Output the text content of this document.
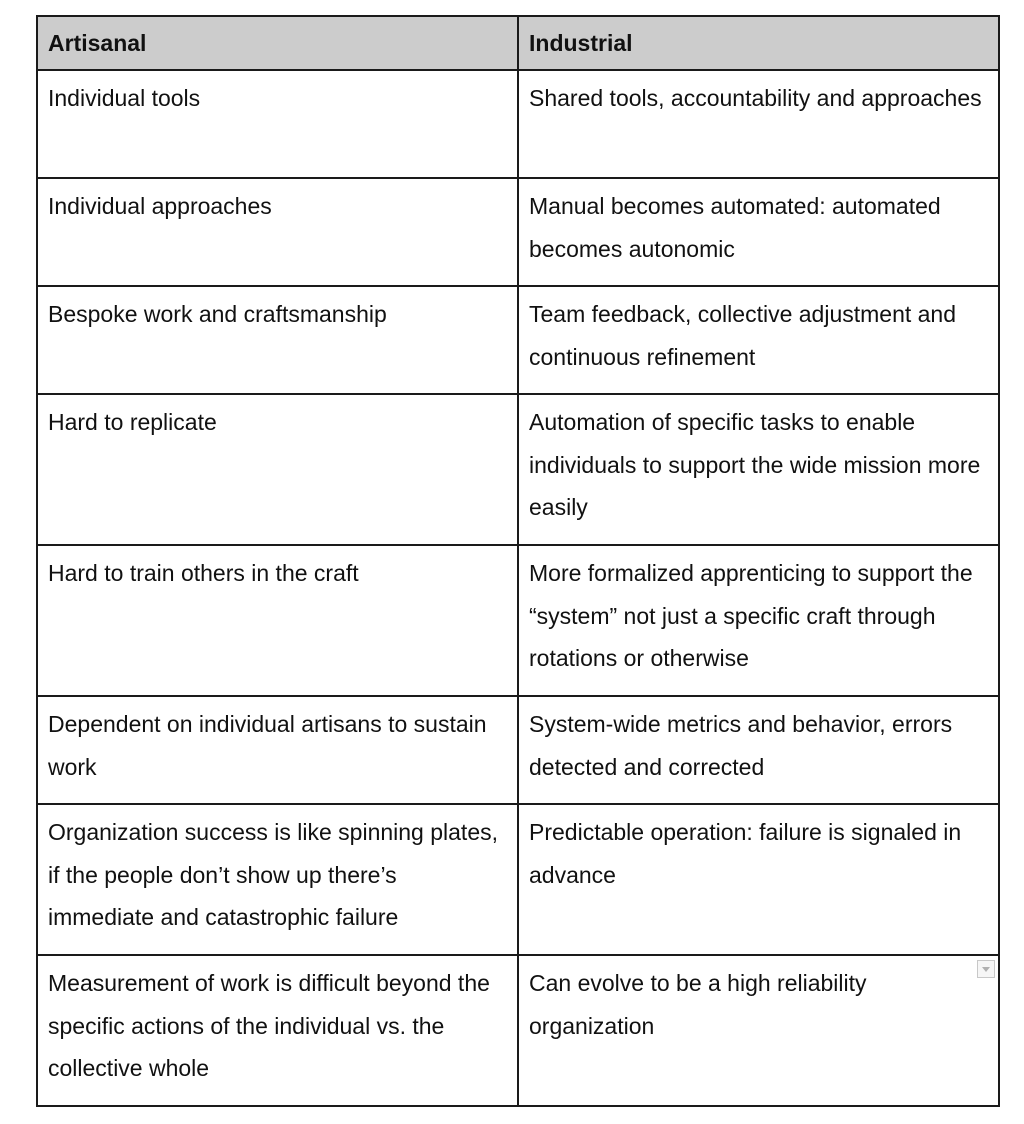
Artisanal	Industrial
Individual tools	Shared tools, accountability and approaches
Individual approaches	Manual becomes automated: automated becomes autonomic
Bespoke work and craftsmanship	Team feedback, collective adjustment and continuous refinement
Hard to replicate	Automation of specific tasks to enable individuals to support the wide mission more easily
Hard to train others in the craft	More formalized apprenticing to support the “system” not just a specific craft through rotations or otherwise
Dependent on individual artisans to sustain work	System-wide metrics and behavior, errors detected and corrected
Organization success is like spinning plates, if the people don’t show up there’s immediate and catastrophic failure	Predictable operation: failure is signaled in advance
Measurement of work is difficult beyond the specific actions of the individual vs. the collective whole	Can evolve to be a high reliability organization
